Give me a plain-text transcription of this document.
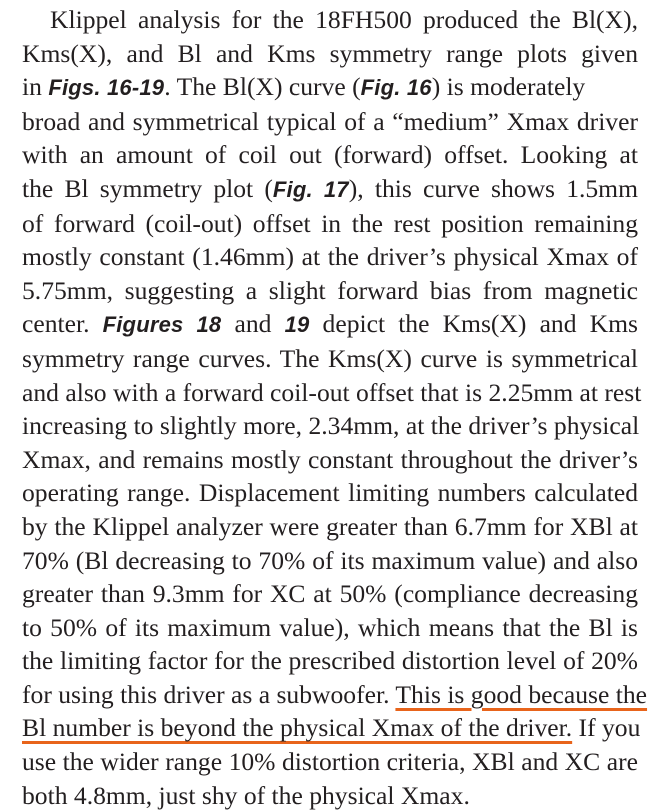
Klippel analysis for the 18FH500 produced the Bl(X),
Kms(X), and Bl and Kms symmetry range plots given
in Figs. 16-19. The Bl(X) curve (Fig. 16) is moderately
broad and symmetrical typical of a “medium” Xmax driver
with an amount of coil out (forward) offset. Looking at
the Bl symmetry plot (Fig. 17), this curve shows 1.5mm
of forward (coil-out) offset in the rest position remaining
mostly constant (1.46mm) at the driver’s physical Xmax of
5.75mm, suggesting a slight forward bias from magnetic
center. Figures 18 and 19 depict the Kms(X) and Kms
symmetry range curves. The Kms(X) curve is symmetrical
and also with a forward coil-out offset that is 2.25mm at rest
increasing to slightly more, 2.34mm, at the driver’s physical
Xmax, and remains mostly constant throughout the driver’s
operating range. Displacement limiting numbers calculated
by the Klippel analyzer were greater than 6.7mm for XBl at
70% (Bl decreasing to 70% of its maximum value) and also
greater than 9.3mm for XC at 50% (compliance decreasing
to 50% of its maximum value), which means that the Bl is
the limiting factor for the prescribed distortion level of 20%
for using this driver as a subwoofer. This is good because the
Bl number is beyond the physical Xmax of the driver. If you
use the wider range 10% distortion criteria, XBl and XC are
both 4.8mm, just shy of the physical Xmax.
